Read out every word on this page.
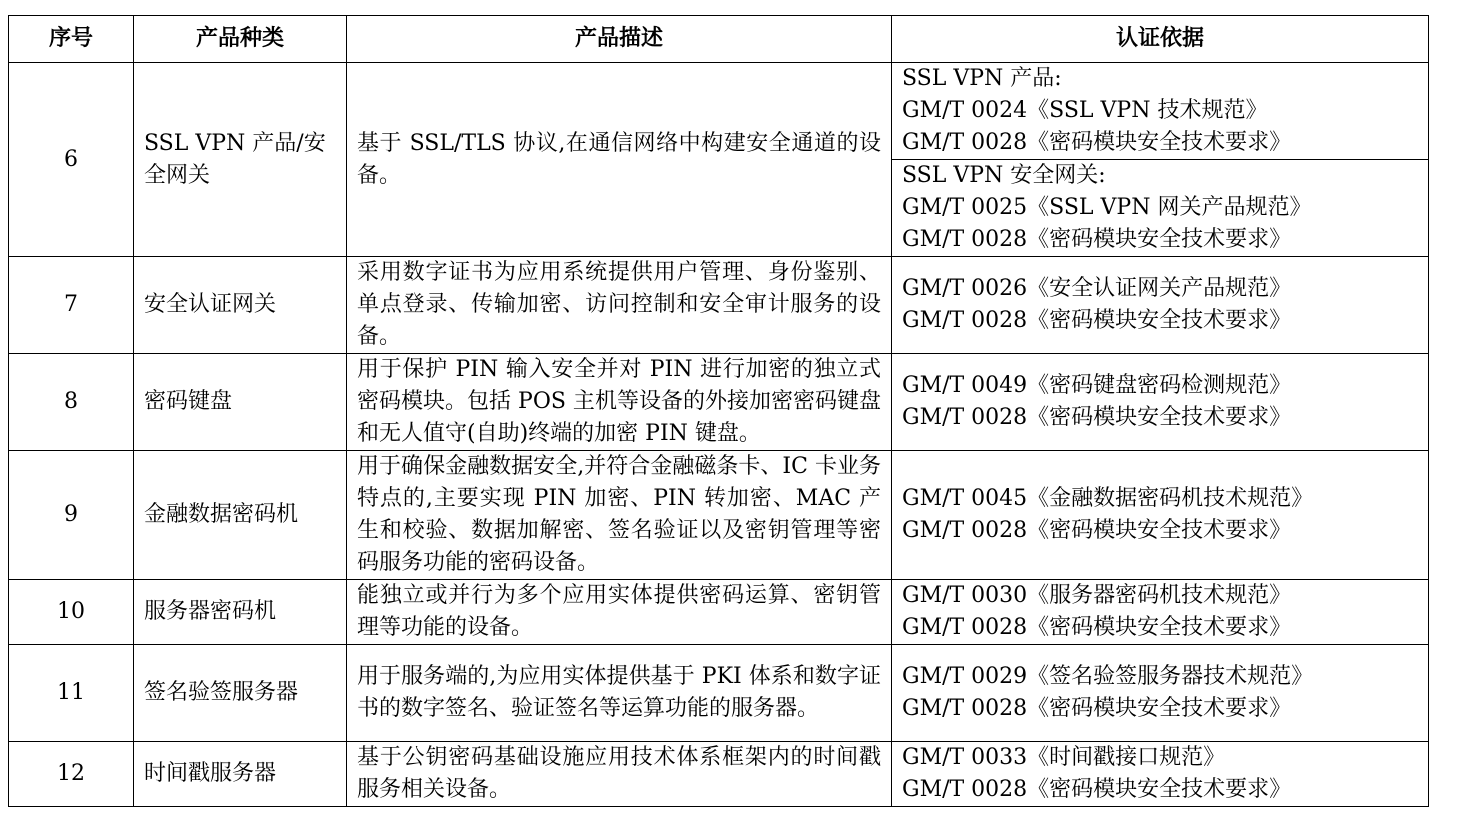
序号	产品种类	产品描述	认证依据
6	SSL VPN 产品/安全网关	基于 SSL/TLS 协议,在通信网络中构建安全通道的设备。	SSL VPN 产品:
GM/T 0024《SSL VPN 技术规范》
GM/T 0028《密码模块安全技术要求》

			SSL VPN 安全网关:
GM/T 0025《SSL VPN 网关产品规范》
GM/T 0028《密码模块安全技术要求》

7	安全认证网关	采用数字证书为应用系统提供用户管理、身份鉴别、单点登录、传输加密、访问控制和安全审计服务的设备。	GM/T 0026《安全认证网关产品规范》
GM/T 0028《密码模块安全技术要求》

8	密码键盘	用于保护 PIN 输入安全并对 PIN 进行加密的独立式密码模块。包括 POS 主机等设备的外接加密密码键盘和无人值守(自助)终端的加密 PIN 键盘。	GM/T 0049《密码键盘密码检测规范》
GM/T 0028《密码模块安全技术要求》

9	金融数据密码机	用于确保金融数据安全,并符合金融磁条卡、IC 卡业务特点的,主要实现 PIN 加密、PIN 转加密、MAC 产生和校验、数据加解密、签名验证以及密钥管理等密码服务功能的密码设备。	GM/T 0045《金融数据密码机技术规范》
GM/T 0028《密码模块安全技术要求》

10	服务器密码机	能独立或并行为多个应用实体提供密码运算、密钥管理等功能的设备。	GM/T 0030《服务器密码机技术规范》
GM/T 0028《密码模块安全技术要求》

11	签名验签服务器	用于服务端的,为应用实体提供基于 PKI 体系和数字证书的数字签名、验证签名等运算功能的服务器。	GM/T 0029《签名验签服务器技术规范》
GM/T 0028《密码模块安全技术要求》

12	时间戳服务器	基于公钥密码基础设施应用技术体系框架内的时间戳服务相关设备。	GM/T 0033《时间戳接口规范》
GM/T 0028《密码模块安全技术要求》
